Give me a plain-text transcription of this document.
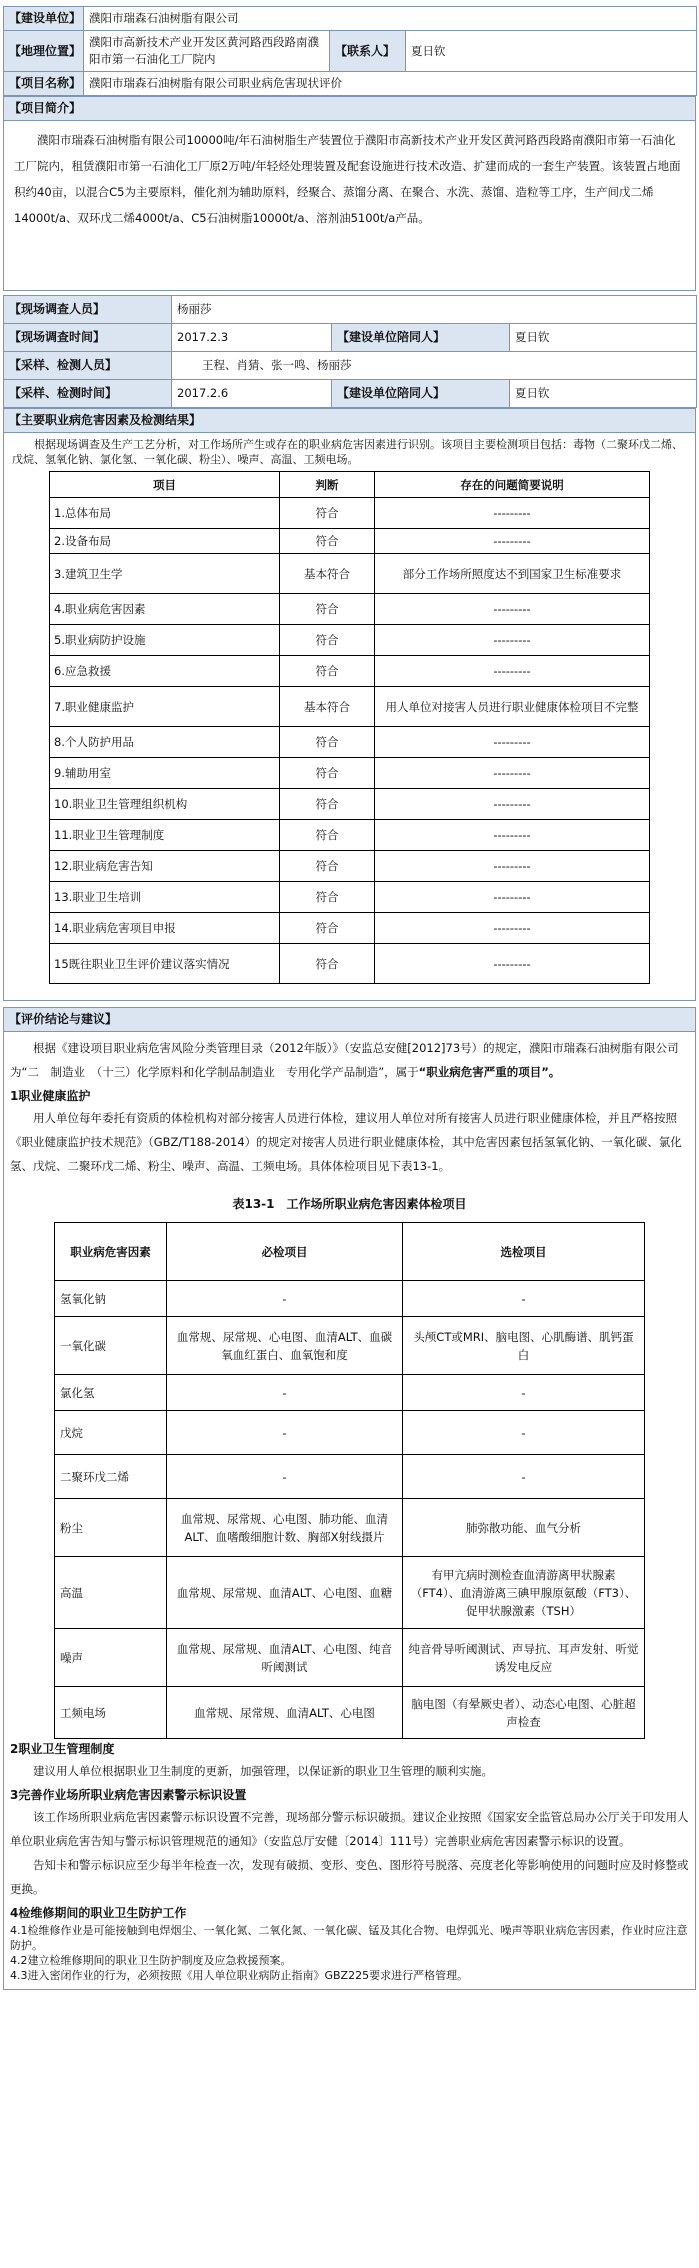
【建设单位】	濮阳市瑞森石油树脂有限公司		
【地理位置】	濮阳市高新技术产业开发区黄河路西段路南濮阳市第一石油化工厂院内	【联系人】	夏日钦
【项目名称】	濮阳市瑞森石油树脂有限公司职业病危害现状评价		
【项目简介】

濮阳市瑞森石油树脂有限公司10000吨/年石油树脂生产装置位于濮阳市高新技术产业开发区黄河路西段路南濮阳市第一石油化工厂院内，租赁濮阳市第一石油化工厂原2万吨/年轻烃处理装置及配套设施进行技术改造、扩建而成的一套生产装置。该装置占地面积约40亩，以混合C5为主要原料，催化剂为辅助原料，经聚合、蒸馏分离、在聚合、水洗、蒸馏、造粒等工序，生产间戊二烯14000t/a、双环戊二烯4000t/a、C5石油树脂10000t/a、溶剂油5100t/a产品。

【现场调查人员】	杨丽莎		
【现场调查时间】	2017.2.3	【建设单位陪同人】	夏日钦
【采样、检测人员】	王程、肖猜、张一鸣、杨丽莎		
【采样、检测时间】	2017.2.6	【建设单位陪同人】	夏日钦
【主要职业病危害因素及检测结果】

根据现场调查及生产工艺分析，对工作场所产生或存在的职业病危害因素进行识别。该项目主要检测项目包括：毒物（二聚环戊二烯、戊烷、氢氧化钠、氯化氢、一氧化碳、粉尘）、噪声、高温、工频电场。

项目	判断	存在的问题简要说明
1.总体布局	符合	---------
2.设备布局	符合	---------
3.建筑卫生学	基本符合	部分工作场所照度达不到国家卫生标准要求
4.职业病危害因素	符合	---------
5.职业病防护设施	符合	---------
6.应急救援	符合	---------
7.职业健康监护	基本符合	用人单位对接害人员进行职业健康体检项目不完整
8.个人防护用品	符合	---------
9.辅助用室	符合	---------
10.职业卫生管理组织机构	符合	---------
11.职业卫生管理制度	符合	---------
12.职业病危害告知	符合	---------
13.职业卫生培训	符合	---------
14.职业病危害项目申报	符合	---------
15既往职业卫生评价建议落实情况	符合	---------
【评价结论与建议】

根据《建设项目职业病危害风险分类管理目录（2012年版）》（安监总安健[2012]73号）的规定，濮阳市瑞森石油树脂有限公司为“二　制造业　（十三）化学原料和化学制品制造业　专用化学产品制造”，属于“职业病危害严重的项目”。

1职业健康监护

用人单位每年委托有资质的体检机构对部分接害人员进行体检，建议用人单位对所有接害人员进行职业健康体检，并且严格按照《职业健康监护技术规范》（GBZ/T188-2014）的规定对接害人员进行职业健康体检，其中危害因素包括氢氧化钠、一氧化碳、氯化氢、戊烷、二聚环戊二烯、粉尘、噪声、高温、工频电场。具体体检项目见下表13-1。

表13-1　工作场所职业病危害因素体检项目

职业病危害因素	必检项目	选检项目
氢氧化钠	-	-
一氧化碳	血常规、尿常规、心电图、血清ALT、血碳氧血红蛋白、血氧饱和度	头颅CT或MRI、脑电图、心肌酶谱、肌钙蛋白
氯化氢	-	-
戊烷	-	-
二聚环戊二烯	-	-
粉尘	血常规、尿常规、心电图、肺功能、血清ALT、血嗜酸细胞计数、胸部X射线摄片	肺弥散功能、血气分析
高温	血常规、尿常规、血清ALT、心电图、血糖	有甲亢病时测检查血清游离甲状腺素（FT4）、血清游离三碘甲腺原氨酸（FT3）、促甲状腺激素（TSH）
噪声	血常规、尿常规、血清ALT、心电图、纯音听阈测试	纯音骨导听阈测试、声导抗、耳声发射、听觉诱发电反应
工频电场	血常规、尿常规、血清ALT、心电图	脑电图（有晕厥史者）、动态心电图、心脏超声检查

2职业卫生管理制度

建议用人单位根据职业卫生制度的更新，加强管理，以保证新的职业卫生管理的顺利实施。

3完善作业场所职业病危害因素警示标识设置

该工作场所职业病危害因素警示标识设置不完善，现场部分警示标识破损。建议企业按照《国家安全监管总局办公厅关于印发用人单位职业病危害告知与警示标识管理规范的通知》（安监总厅安健〔2014〕111号）完善职业病危害因素警示标识的设置。

告知卡和警示标识应至少每半年检查一次，发现有破损、变形、变色、图形符号脱落、亮度老化等影响使用的问题时应及时修整或更换。

4检维修期间的职业卫生防护工作

4.1检维修作业是可能接触到电焊烟尘、一氧化氮、二氧化氮、一氧化碳、锰及其化合物、电焊弧光、噪声等职业病危害因素，作业时应注意防护。

4.2建立检维修期间的职业卫生防护制度及应急救援预案。

4.3进入密闭作业的行为，必须按照《用人单位职业病防止指南》GBZ225要求进行严格管理。
